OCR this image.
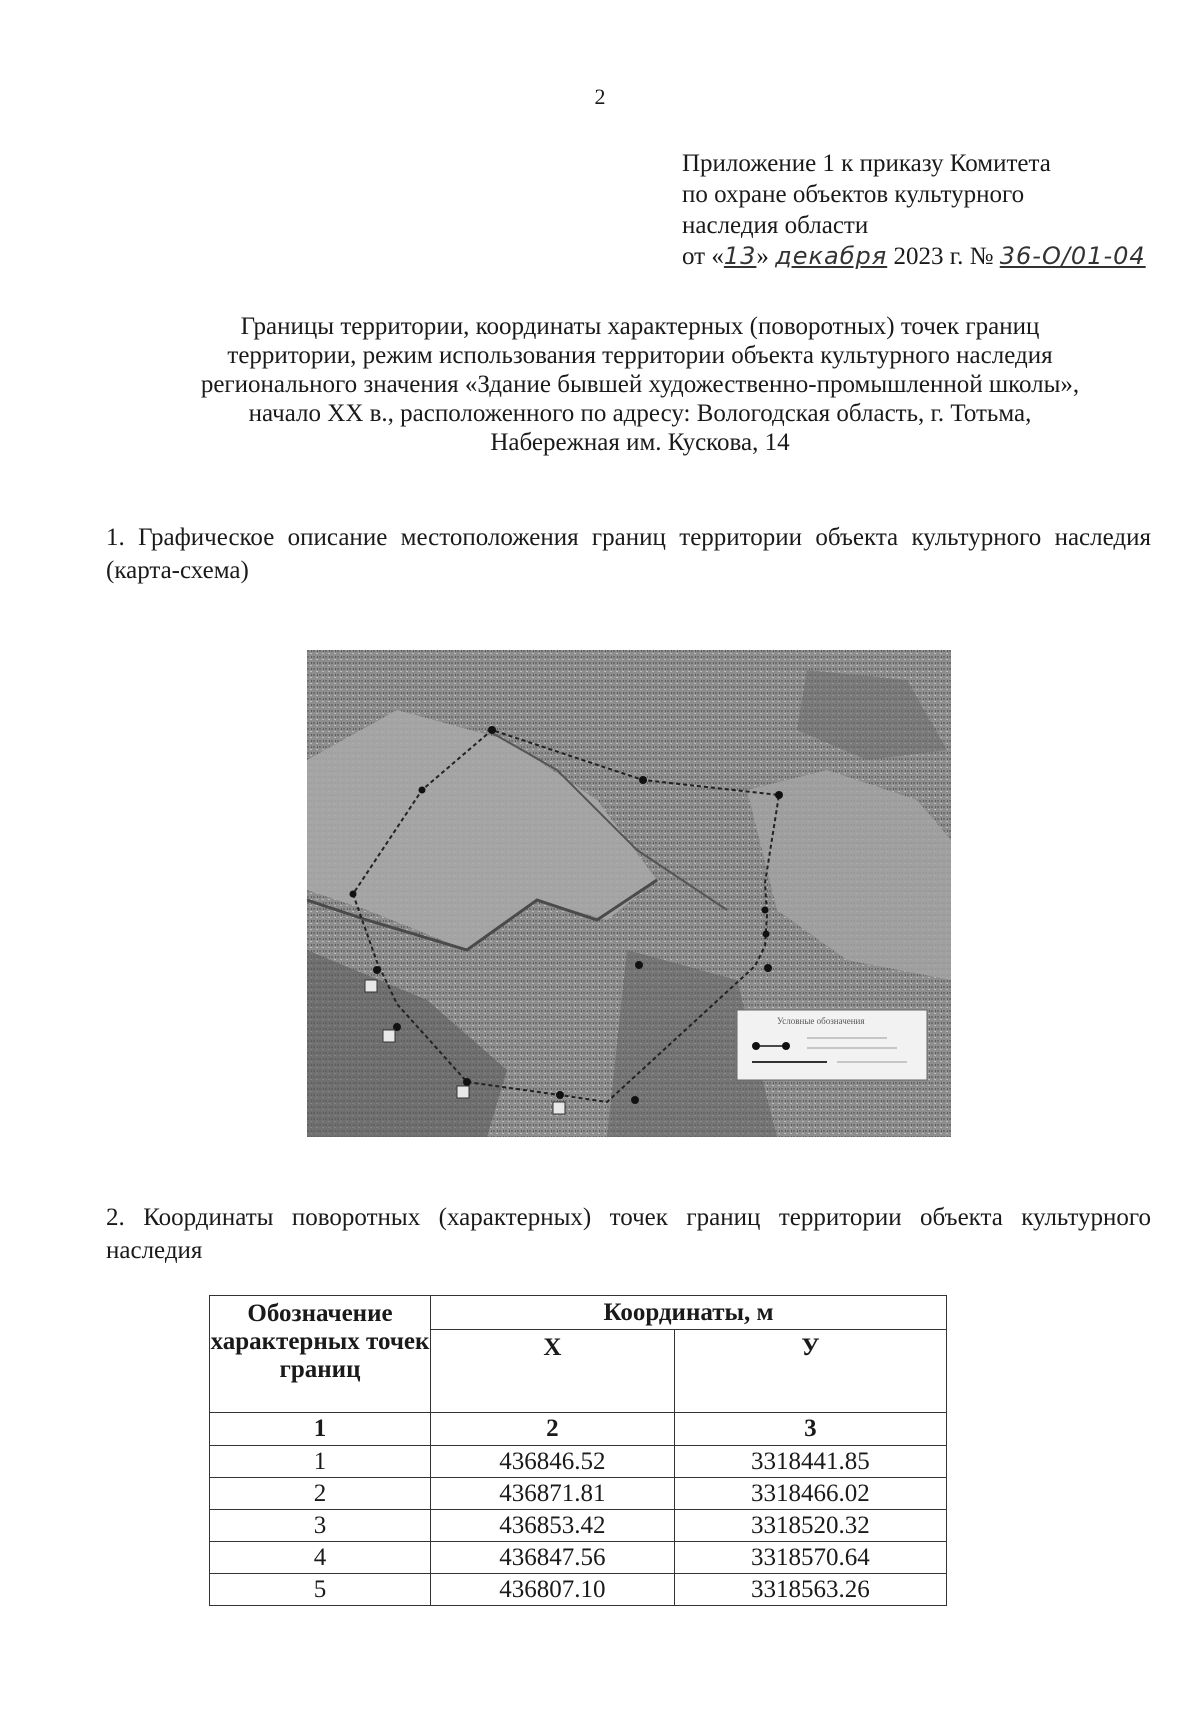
2
Приложение 1 к приказу Комитета
по охране объектов культурного
наследия области
от «13» декабря 2023 г. № 36-О/01-04
Границы территории, координаты характерных (поворотных) точек границ
территории, режим использования территории объекта культурного наследия
регионального значения «Здание бывшей художественно-промышленной школы»,
начало XX в., расположенного по адресу: Вологодская область, г. Тотьма,
Набережная им. Кускова, 14
1. Графическое описание местоположения границ территории объекта культурного наследия (карта-схема)
Условные обозначения
2. Координаты поворотных (характерных) точек границ территории объекта культурного наследия
Обозначение характерных точек границ	Координаты, м	
	Х	У
1	2	3
1	436846.52	3318441.85
2	436871.81	3318466.02
3	436853.42	3318520.32
4	436847.56	3318570.64
5	436807.10	3318563.26
